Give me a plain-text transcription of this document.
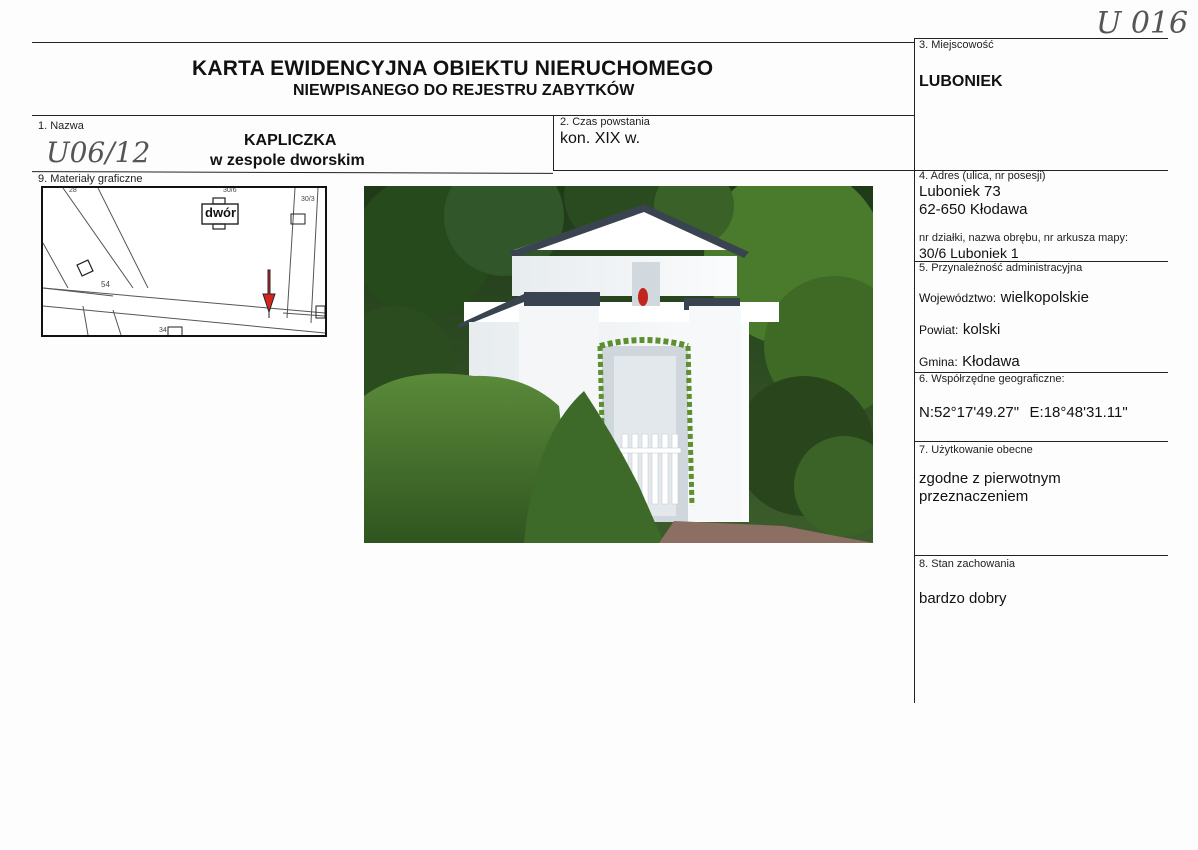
KARTA EWIDENCYJNA OBIEKTU NIERUCHOMEGO
NIEWPISANEGO DO REJESTRU ZABYTKÓW
U 016
3. Miejscowość
LUBONIEK
1. Nazwa
KAPLICZKA
w zespole dworskim
U06/12
2. Czas powstania
kon. XIX w.
4. Adres (ulica, nr posesji)
Luboniek 73
62-650 Kłodawa
nr działki, nazwa obrębu, nr arkusza mapy:
30/6 Luboniek 1
5. Przynależność administracyjna
Województwo: wielkopolskie
Powiat: kolski
Gmina: Kłodawa
6. Współrzędne geograficzne:
N:52°17'49.27" E:18°48'31.11"
7. Użytkowanie obecne
zgodne z pierwotnym
przeznaczeniem
8. Stan zachowania
bardzo dobry
9. Materiały graficzne
dwór
28	30/6
30/3
54
34
